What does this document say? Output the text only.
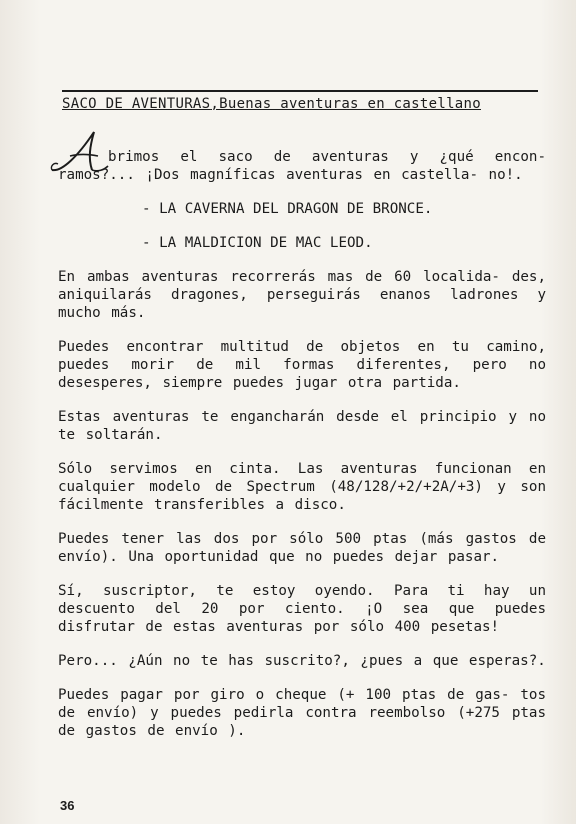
SACO DE AVENTURAS,Buenas aventuras en castellano

brimos el saco de aventuras y ¿qué encon- ramos?... ¡Dos magníficas aventuras en castella- no!.

- LA CAVERNA DEL DRAGON DE BRONCE.
- LA MALDICION DE MAC LEOD.

En ambas aventuras recorrerás mas de 60 localida- des, aniquilarás dragones, perseguirás enanos ladrones y mucho más.

Puedes encontrar multitud de objetos en tu camino, puedes morir de mil formas diferentes, pero no desesperes, siempre puedes jugar otra partida.

Estas aventuras te engancharán desde el principio y no te soltarán.

Sólo servimos en cinta. Las aventuras funcionan en cualquier modelo de Spectrum (48/128/+2/+2A/+3) y son fácilmente transferibles a disco.

Puedes tener las dos por sólo 500 ptas (más gastos de envío). Una oportunidad que no puedes dejar pasar.

Sí, suscriptor, te estoy oyendo. Para ti hay un descuento del 20 por ciento. ¡O sea que puedes disfrutar de estas aventuras por sólo 400 pesetas!

Pero... ¿Aún no te has suscrito?, ¿pues a que esperas?.

Puedes pagar por giro o cheque (+ 100 ptas de gas- tos de envío) y puedes pedirla contra reembolso (+275 ptas de gastos de envío ).

36
